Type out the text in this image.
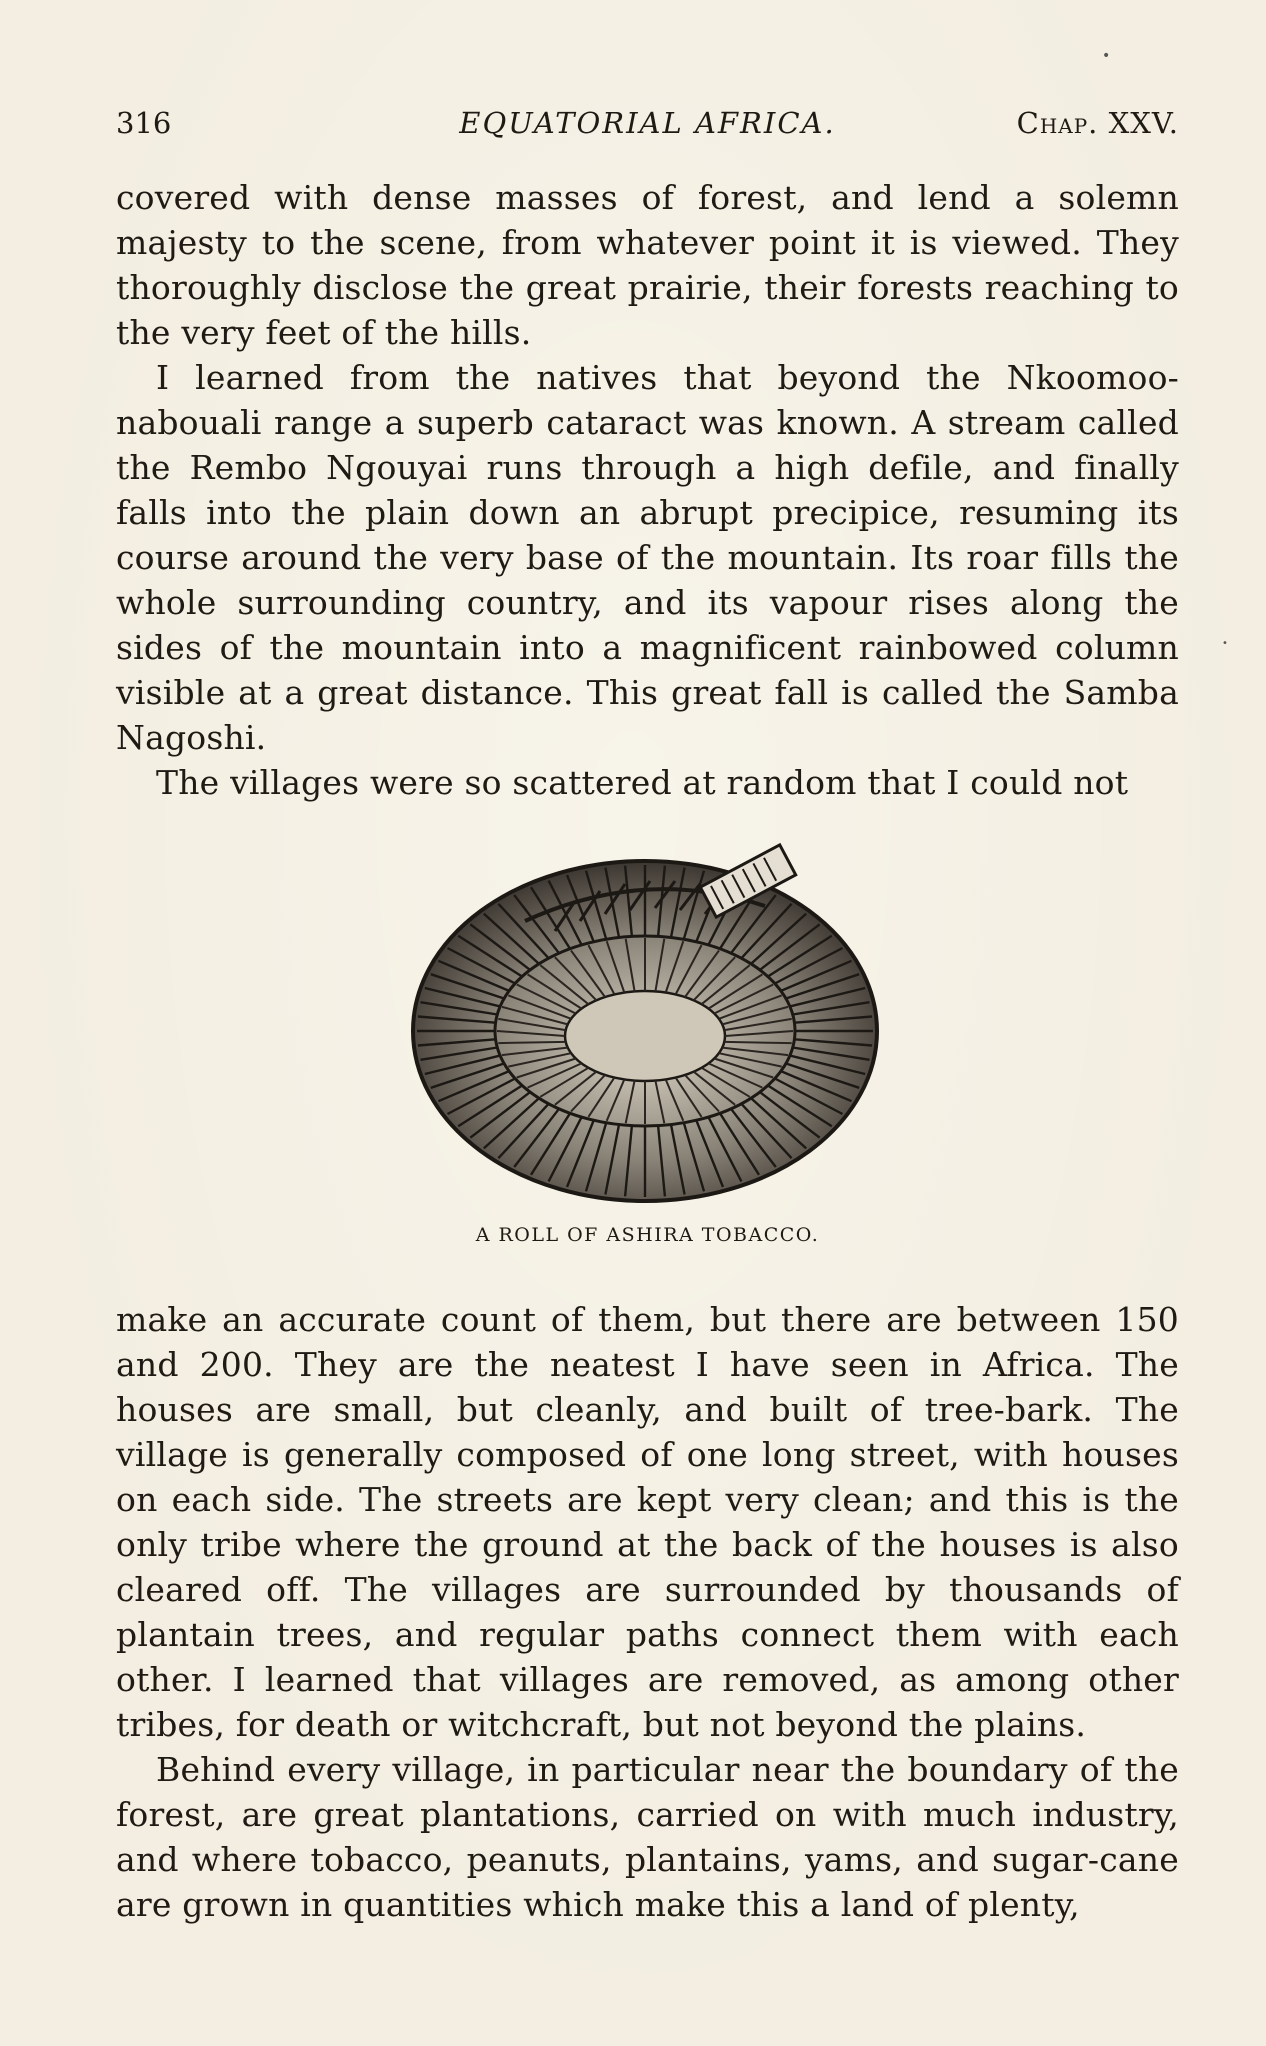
•
•
316	EQUATORIAL AFRICA.	Chap. XXV.

covered with dense masses of forest, and lend a solemn majesty to the scene, from whatever point it is viewed. They thoroughly disclose the great prairie, their forests reaching to the very feet of the hills.

I learned from the natives that beyond the Nkoomoo-nabouali range a superb cataract was known. A stream called the Rembo Ngouyai runs through a high defile, and finally falls into the plain down an abrupt precipice, resuming its course around the very base of the mountain. Its roar fills the whole surrounding country, and its vapour rises along the sides of the mountain into a magnificent rainbowed column visible at a great distance. This great fall is called the Samba Nagoshi.

The villages were so scattered at random that I could not

A ROLL OF ASHIRA TOBACCO.

make an accurate count of them, but there are between 150 and 200. They are the neatest I have seen in Africa. The houses are small, but cleanly, and built of tree-bark. The village is generally composed of one long street, with houses on each side. The streets are kept very clean; and this is the only tribe where the ground at the back of the houses is also cleared off. The villages are surrounded by thousands of plantain trees, and regular paths connect them with each other. I learned that villages are removed, as among other tribes, for death or witchcraft, but not beyond the plains.

Behind every village, in particular near the boundary of the forest, are great plantations, carried on with much industry, and where tobacco, peanuts, plantains, yams, and sugar-cane are grown in quantities which make this a land of plenty,
